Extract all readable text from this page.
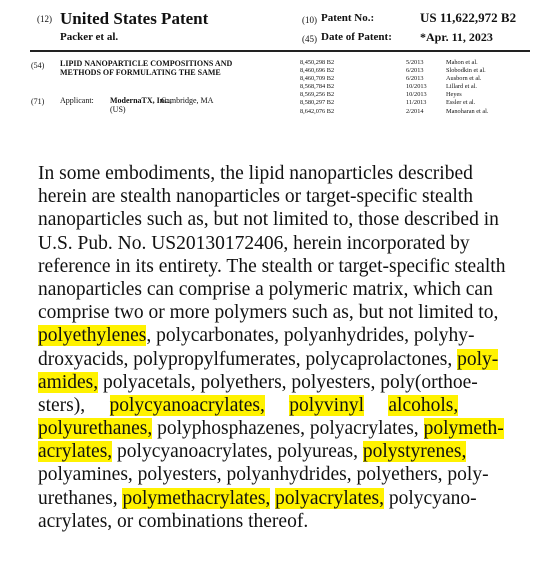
(12) United States Patent
Packer et al.
(10) Patent No.:	US 11,622,972 B2
(45) Date of Patent: *Apr. 11, 2023
(54) LIPID NANOPARTICLE COMPOSITIONS AND METHODS OF FORMULATING THE SAME
(71) Applicant: ModernaTX, Inc.,
Cambridge, MA
(US)
8,450,298 B2	5/2013	Mahon et al.
8,460,696 B2	6/2013	Slobodkin et al.
8,460,709 B2	6/2013	Ausborn et al.
8,568,784 B2	10/2013	Lillard et al.
8,569,256 B2	10/2013	Heyes
8,580,297 B2	11/2013	Essler et al.
8,642,076 B2	2/2014	Manoharan et al.
In some embodiments, the lipid nanoparticles described
herein are stealth nanoparticles or target-specific stealth
nanoparticles such as, but not limited to, those described in
U.S. Pub. No. US20130172406, herein incorporated by
reference in its entirety. The stealth or target-specific stealth
nanoparticles can comprise a polymeric matrix, which can
comprise two or more polymers such as, but not limited to,
polyethylenes, polycarbonates, polyanhydrides, polyhy-
droxyacids, polypropylfumerates, polycaprolactones, poly-
amides, polyacetals, polyethers, polyesters, poly(orthoe-
sters),     polycyanoacrylates, polyvinyl alcohols,
polyurethanes, polyphosphazenes, polyacrylates, polymeth-
acrylates, polycyanoacrylates, polyureas, polystyrenes,
polyamines, polyesters, polyanhydrides, polyethers, poly-
urethanes, polymethacrylates, polyacrylates, polycyano-
acrylates, or combinations thereof.
